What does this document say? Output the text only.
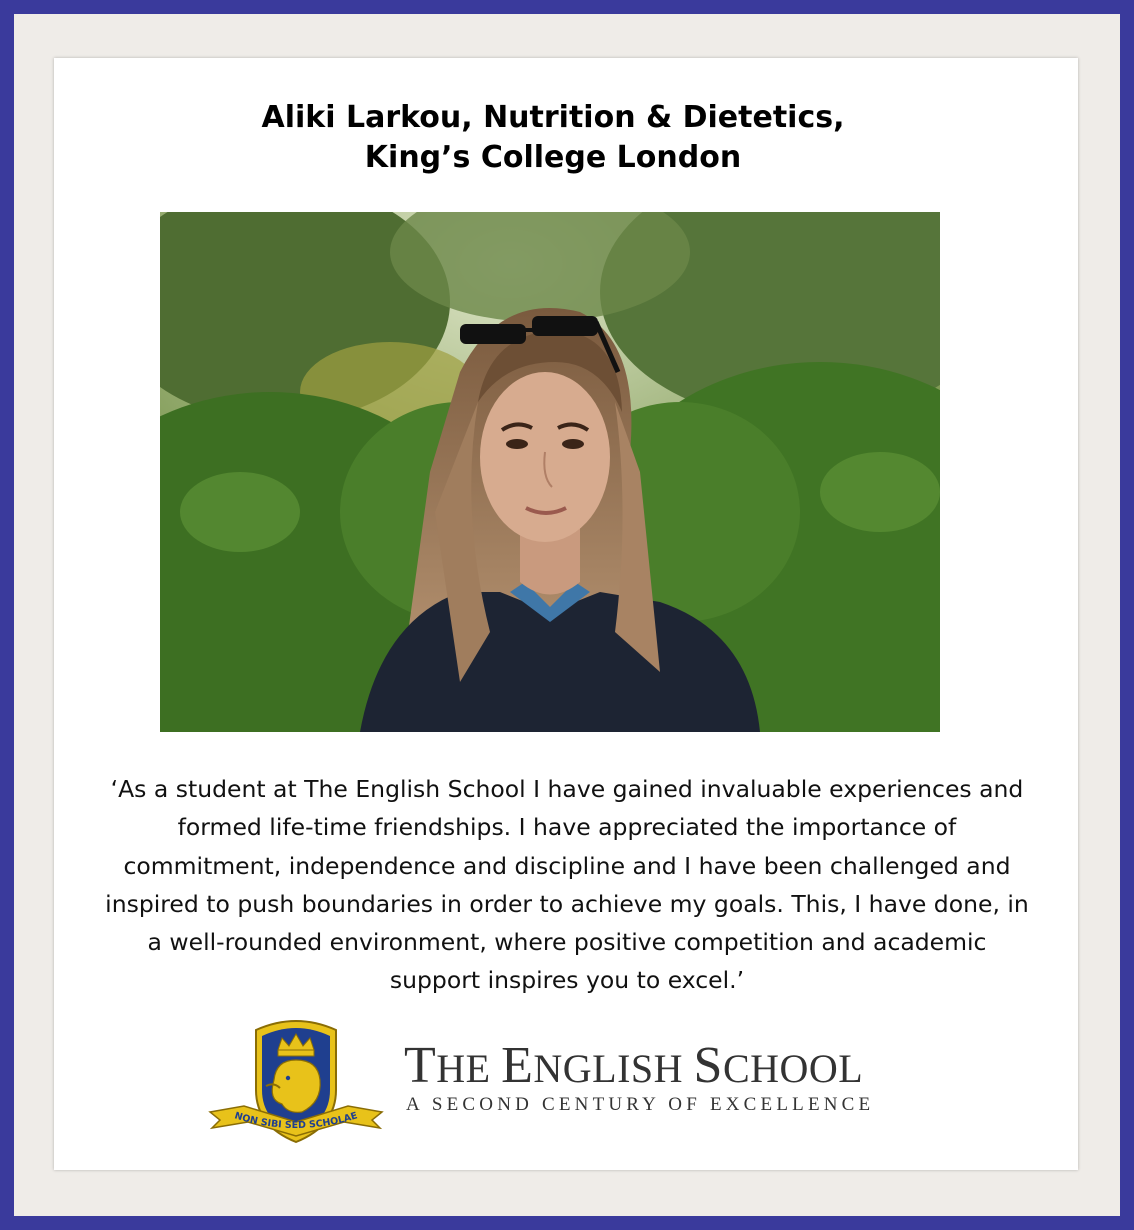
Aliki Larkou, Nutrition & Dietetics,
King’s College London
‘As a student at The English School I have gained invaluable experiences and formed life-time friendships. I have appreciated the importance of commitment, independence and discipline and I have been challenged and inspired to push boundaries in order to achieve my goals. This, I have done, in a well-rounded environment, where positive competition and academic support inspires you to excel.’
NON SIBI SED SCHOLAE
THE ENGLISH SCHOOL
A SECOND CENTURY OF EXCELLENCE
